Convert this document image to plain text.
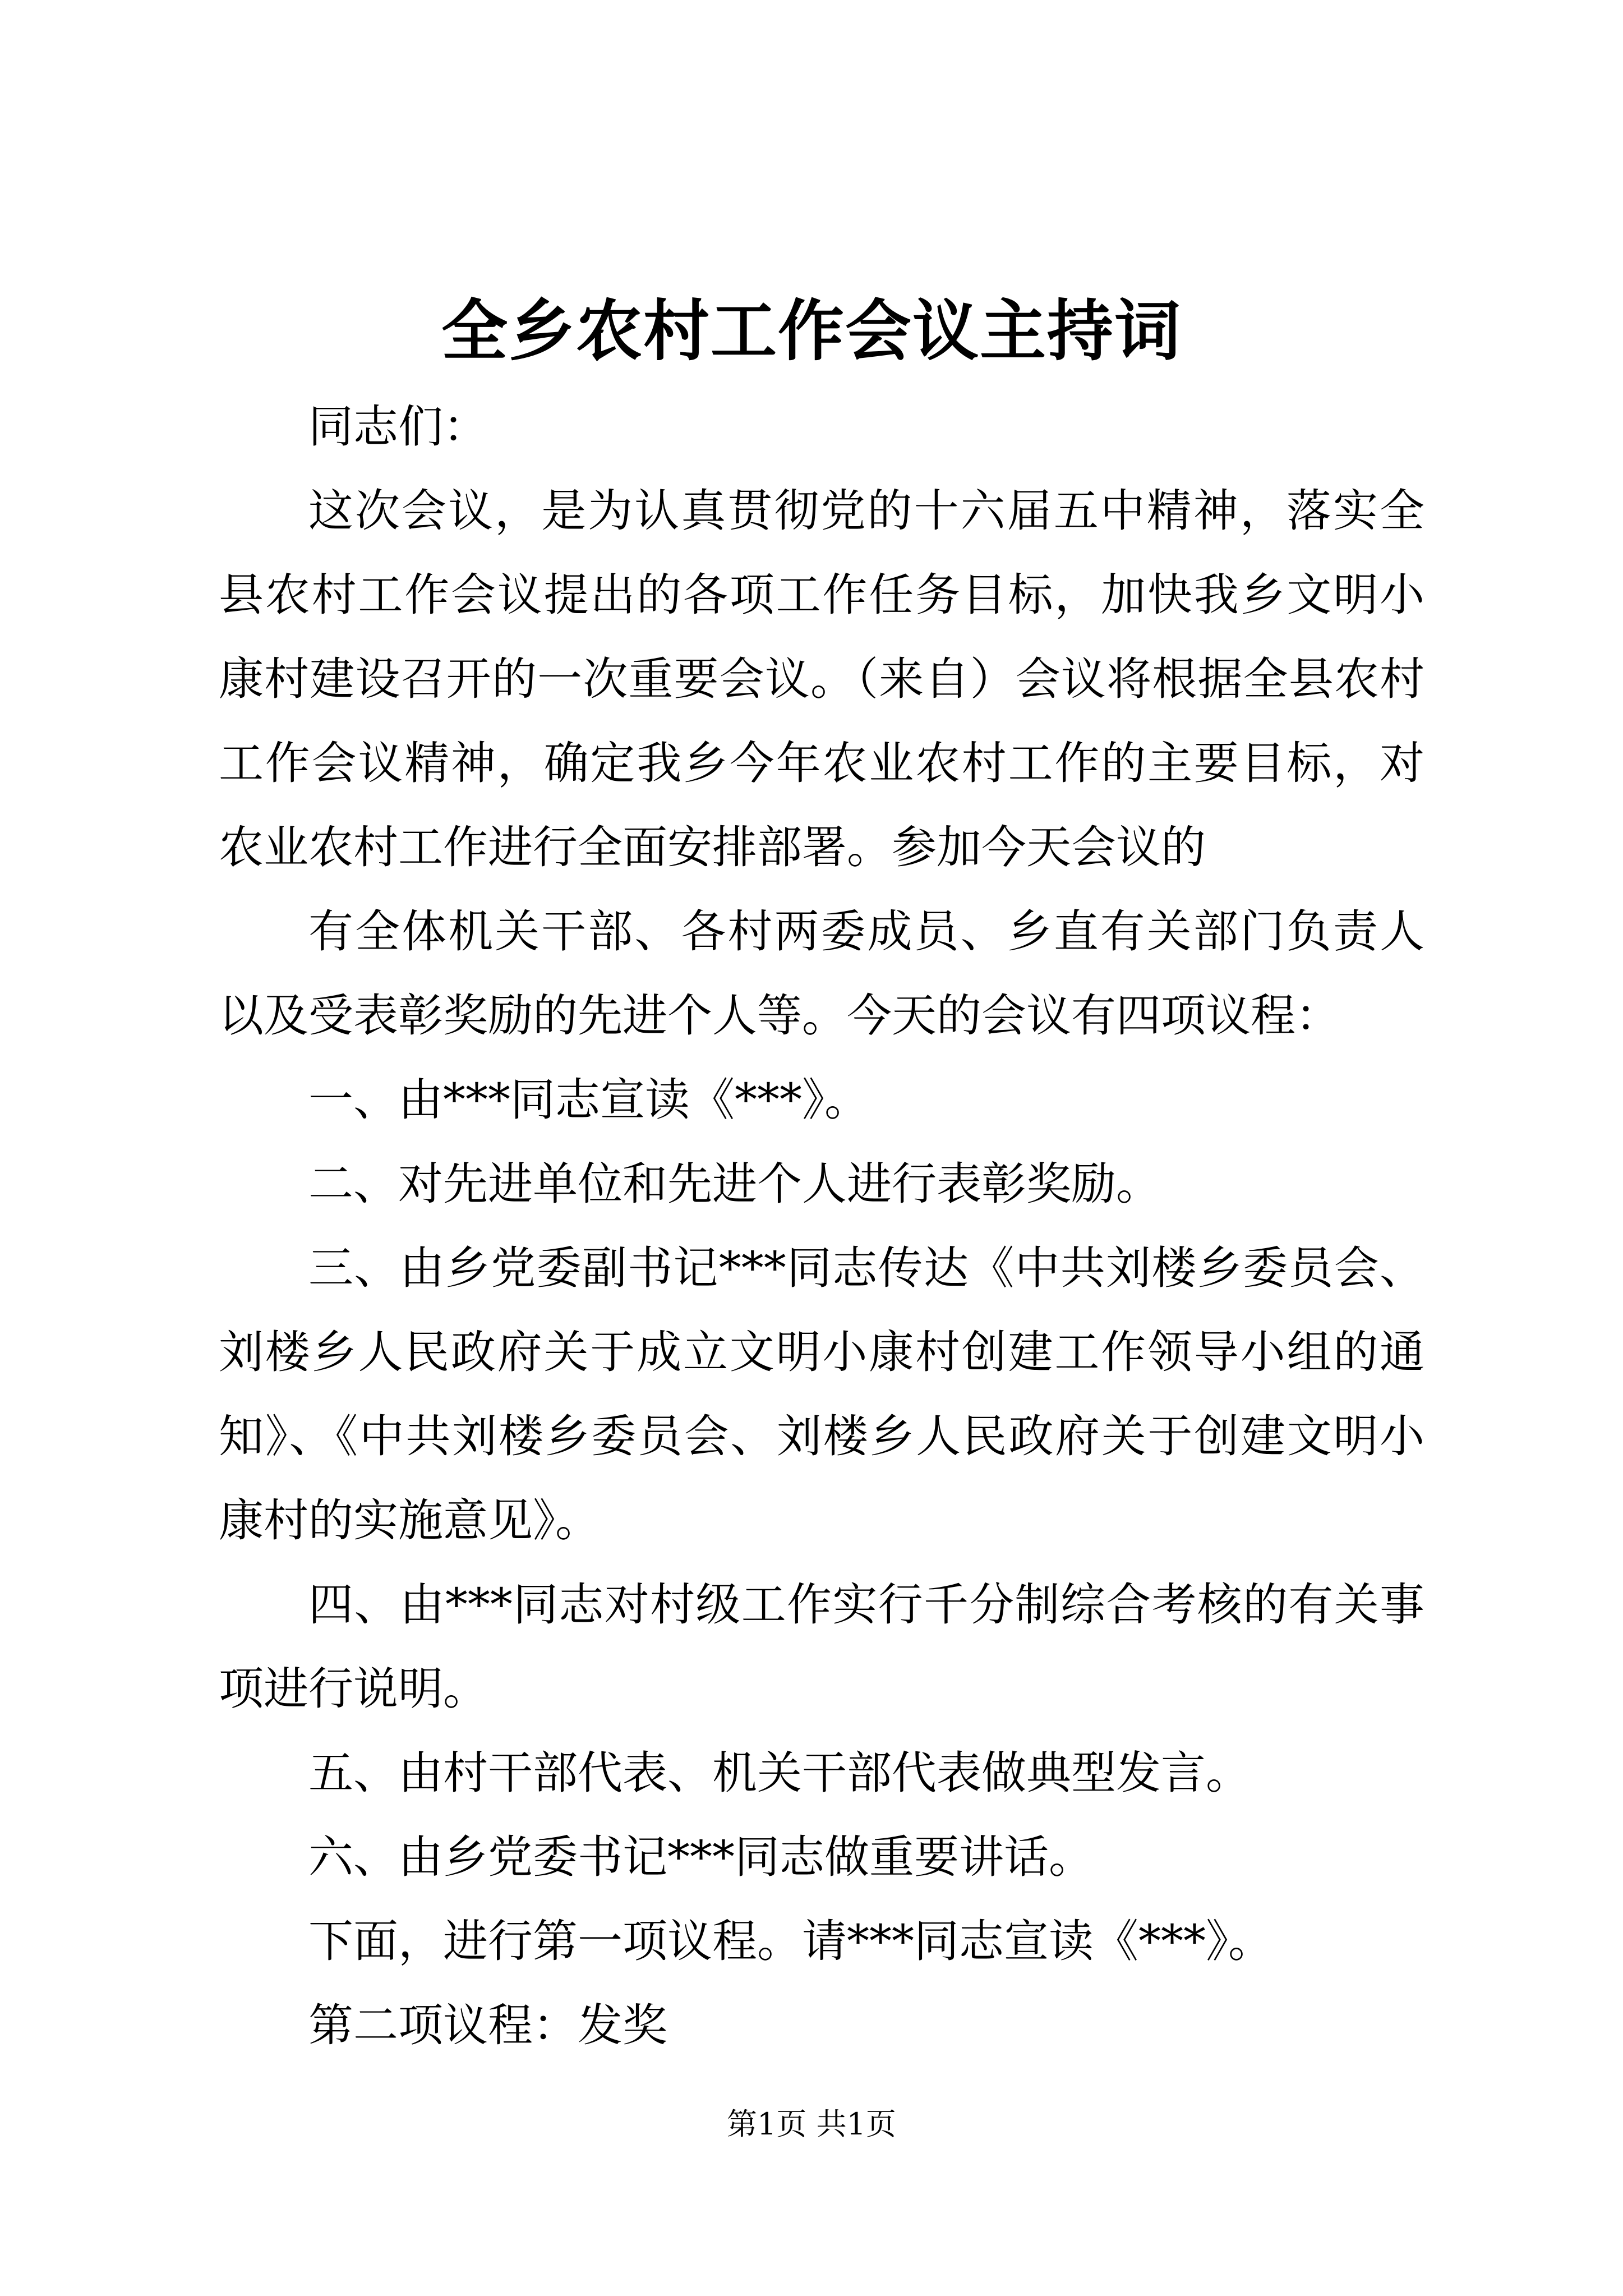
全乡农村工作会议主持词

同志们：

这次会议，是为认真贯彻党的十六届五中精神，落实全县农村工作会议提出的各项工作任务目标，加快我乡文明小康村建设召开的一次重要会议。（来自）会议将根据全县农村工作会议精神，确定我乡今年农业农村工作的主要目标，对农业农村工作进行全面安排部署。参加今天会议的

有全体机关干部、各村两委成员、乡直有关部门负责人以及受表彰奖励的先进个人等。今天的会议有四项议程：

一、由***同志宣读《***》。

二、对先进单位和先进个人进行表彰奖励。

三、由乡党委副书记***同志传达《中共刘楼乡委员会、刘楼乡人民政府关于成立文明小康村创建工作领导小组的通知》、《中共刘楼乡委员会、刘楼乡人民政府关于创建文明小康村的实施意见》。

四、由***同志对村级工作实行千分制综合考核的有关事项进行说明。

五、由村干部代表、机关干部代表做典型发言。

六、由乡党委书记***同志做重要讲话。

下面，进行第一项议程。请***同志宣读《***》。

第二项议程：发奖

第1页 共1页
